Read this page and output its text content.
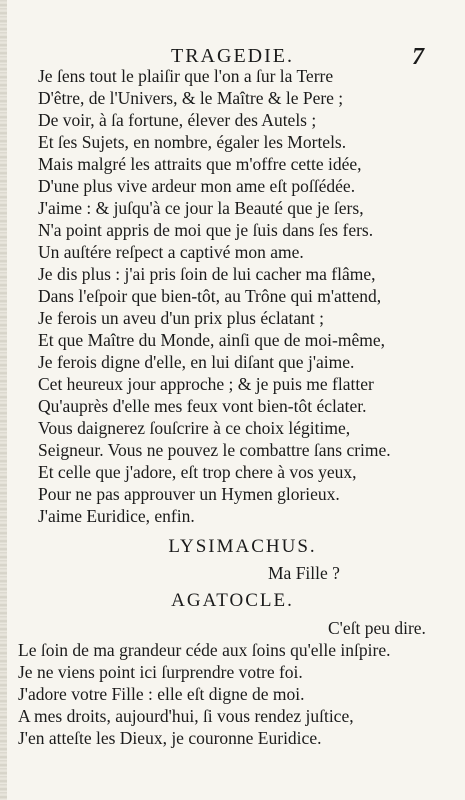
TRAGEDIE.	7
Je ſens tout le plaiſir que l'on a ſur la Terre
D'être, de l'Univers, & le Maître & le Pere ;
De voir, à ſa fortune, élever des Autels ;
Et ſes Sujets, en nombre, égaler les Mortels.
Mais malgré les attraits que m'offre cette idée,
D'une plus vive ardeur mon ame eſt poſſédée.
J'aime : & juſqu'à ce jour la Beauté que je ſers,
N'a point appris de moi que je ſuis dans ſes fers.
Un auſtére reſpect a captivé mon ame.
Je dis plus : j'ai pris ſoin de lui cacher ma flâme,
Dans l'eſpoir que bien-tôt, au Trône qui m'attend,
Je ferois un aveu d'un prix plus éclatant ;
Et que Maître du Monde, ainſi que de moi-même,
Je ferois digne d'elle, en lui diſant que j'aime.
Cet heureux jour approche ; & je puis me flatter
Qu'auprès d'elle mes feux vont bien-tôt éclater.
Vous daignerez ſouſcrire à ce choix légitime,
Seigneur. Vous ne pouvez le combattre ſans crime.
Et celle que j'adore, eſt trop chere à vos yeux,
Pour ne pas approuver un Hymen glorieux.
J'aime Euridice, enfin.
LYSIMACHUS.
Ma Fille ?
AGATOCLE.
C'eſt peu dire.
Le ſoin de ma grandeur céde aux ſoins qu'elle inſpire.
Je ne viens point ici ſurprendre votre foi.
J'adore votre Fille : elle eſt digne de moi.
A mes droits, aujourd'hui, ſi vous rendez juſtice,
J'en atteſte les Dieux, je couronne Euridice.
